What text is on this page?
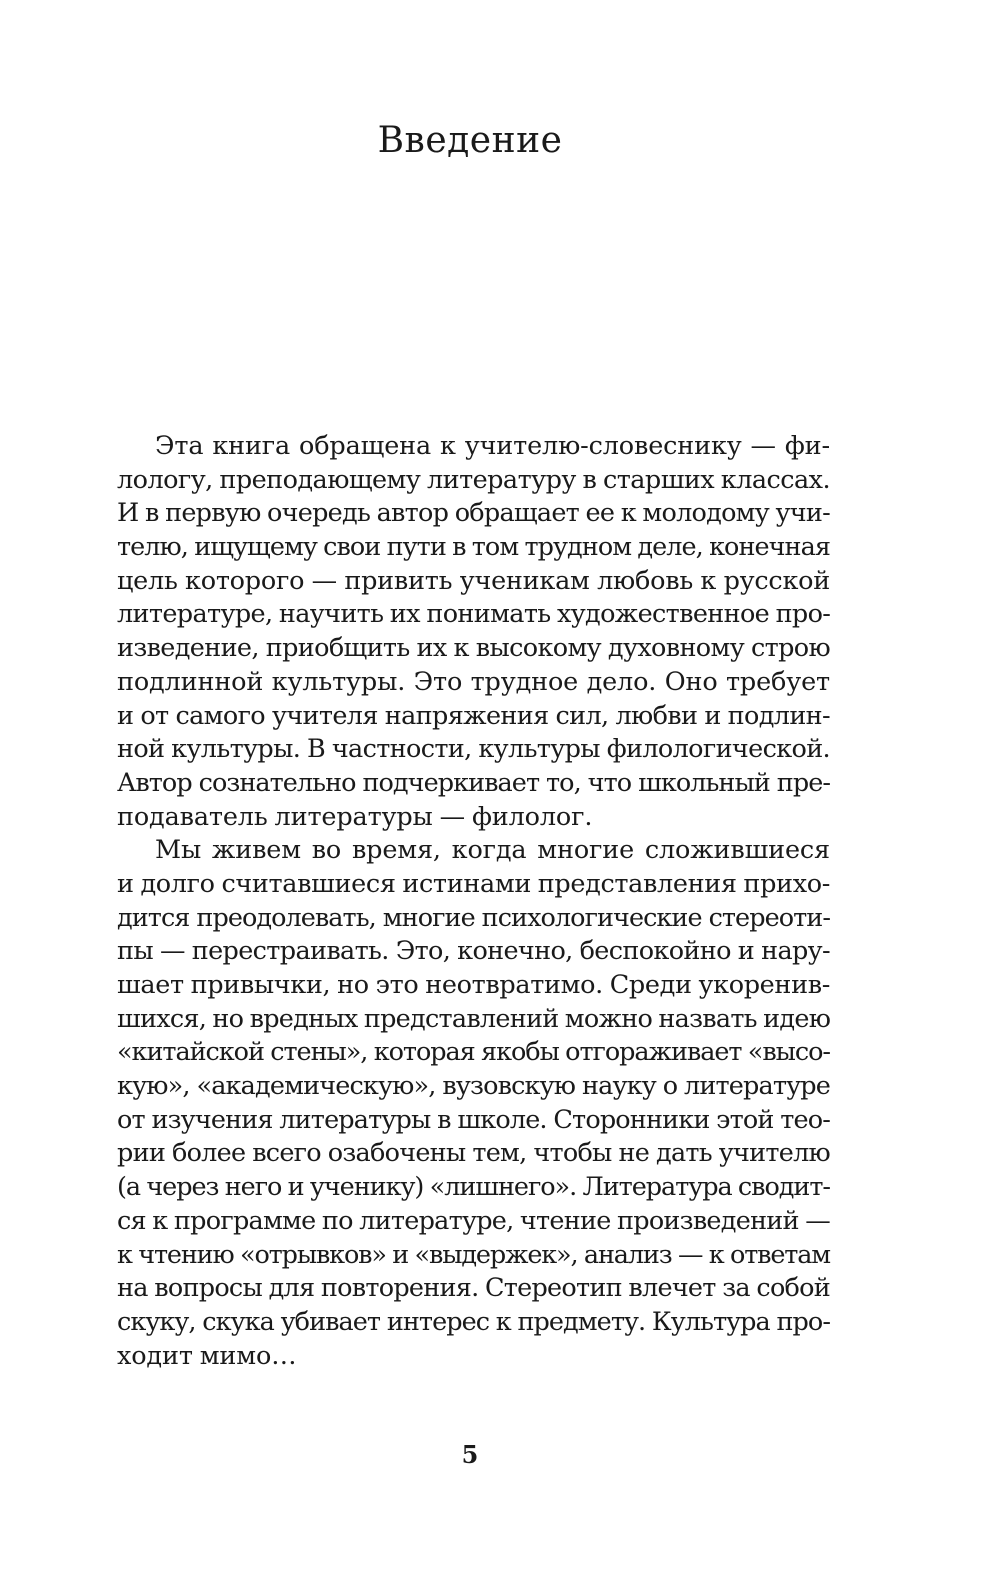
Введение
Эта книга обращена к учителю-словеснику — фи-
лологу, преподающему литературу в старших классах.
И в первую очередь автор обращает ее к молодому учи-
телю, ищущему свои пути в том трудном деле, конечная
цель которого — привить ученикам любовь к русской
литературе, научить их понимать художественное про-
изведение, приобщить их к высокому духовному строю
подлинной культуры. Это трудное дело. Оно требует
и от самого учителя напряжения сил, любви и подлин-
ной культуры. В частности, культуры филологической.
Автор сознательно подчеркивает то, что школьный пре-
подаватель литературы — филолог.
Мы живем во время, когда многие сложившиеся
и долго считавшиеся истинами представления прихо-
дится преодолевать, многие психологические стереоти-
пы — перестраивать. Это, конечно, беспокойно и нару-
шает привычки, но это неотвратимо. Среди укоренив-
шихся, но вредных представлений можно назвать идею
«китайской стены», которая якобы отгораживает «высо-
кую», «академическую», вузовскую науку о литературе
от изучения литературы в школе. Сторонники этой тео-
рии более всего озабочены тем, чтобы не дать учителю
(а через него и ученику) «лишнего». Литература сводит-
ся к программе по литературе, чтение произведений —
к чтению «отрывков» и «выдержек», анализ — к ответам
на вопросы для повторения. Стереотип влечет за собой
скуку, скука убивает интерес к предмету. Культура про-
ходит мимо…
5
